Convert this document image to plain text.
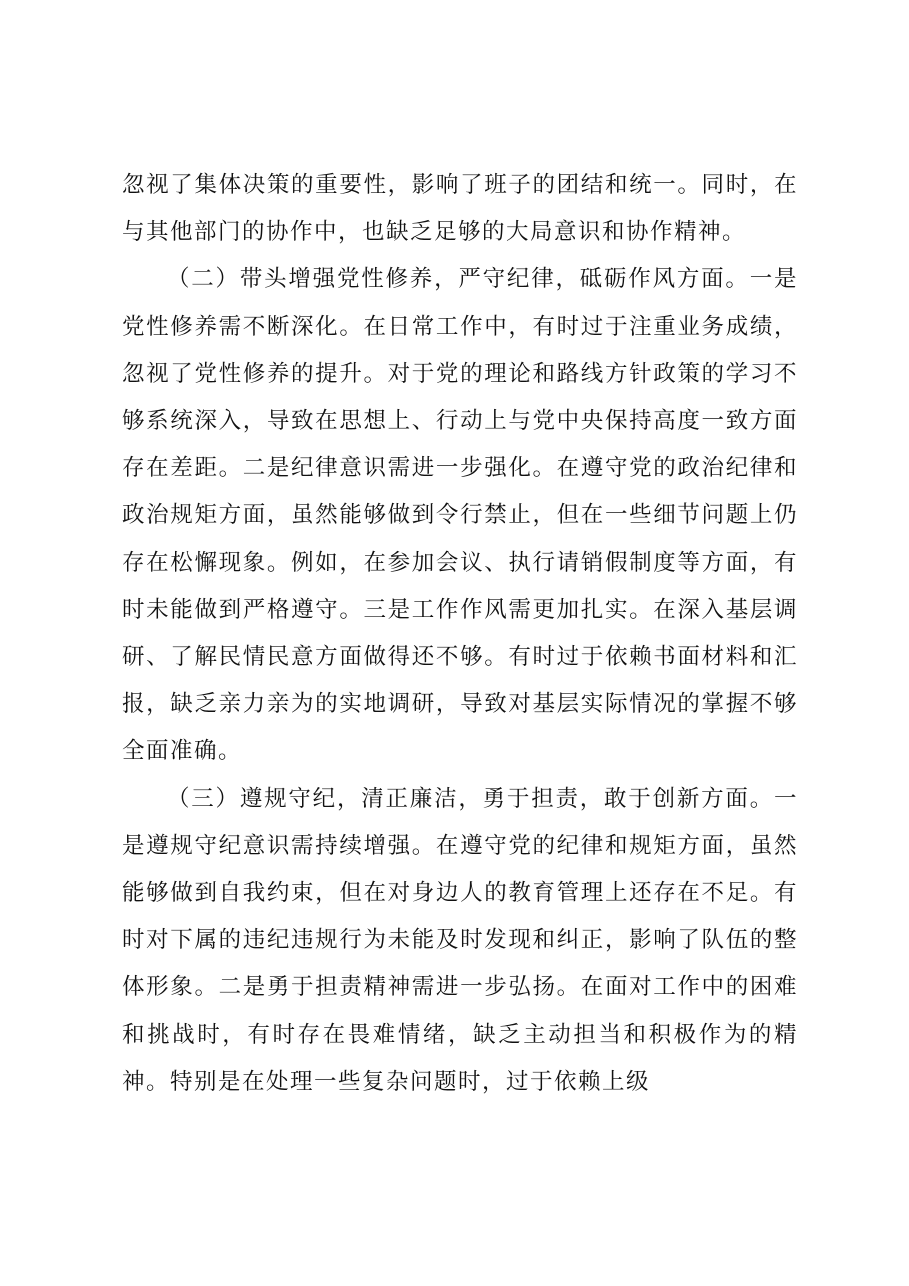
忽视了集体决策的重要性，影响了班子的团结和统一。同时，在与其他部门的协作中，也缺乏足够的大局意识和协作精神。

（二）带头增强党性修养，严守纪律，砥砺作风方面。一是党性修养需不断深化。在日常工作中，有时过于注重业务成绩，忽视了党性修养的提升。对于党的理论和路线方针政策的学习不够系统深入，导致在思想上、行动上与党中央保持高度一致方面存在差距。二是纪律意识需进一步强化。在遵守党的政治纪律和政治规矩方面，虽然能够做到令行禁止，但在一些细节问题上仍存在松懈现象。例如，在参加会议、执行请销假制度等方面，有时未能做到严格遵守。三是工作作风需更加扎实。在深入基层调研、了解民情民意方面做得还不够。有时过于依赖书面材料和汇报，缺乏亲力亲为的实地调研，导致对基层实际情况的掌握不够全面准确。

（三）遵规守纪，清正廉洁，勇于担责，敢于创新方面。一是遵规守纪意识需持续增强。在遵守党的纪律和规矩方面，虽然能够做到自我约束，但在对身边人的教育管理上还存在不足。有时对下属的违纪违规行为未能及时发现和纠正，影响了队伍的整体形象。二是勇于担责精神需进一步弘扬。在面对工作中的困难和挑战时，有时存在畏难情绪，缺乏主动担当和积极作为的精神。特别是在处理一些复杂问题时，过于依赖上级
